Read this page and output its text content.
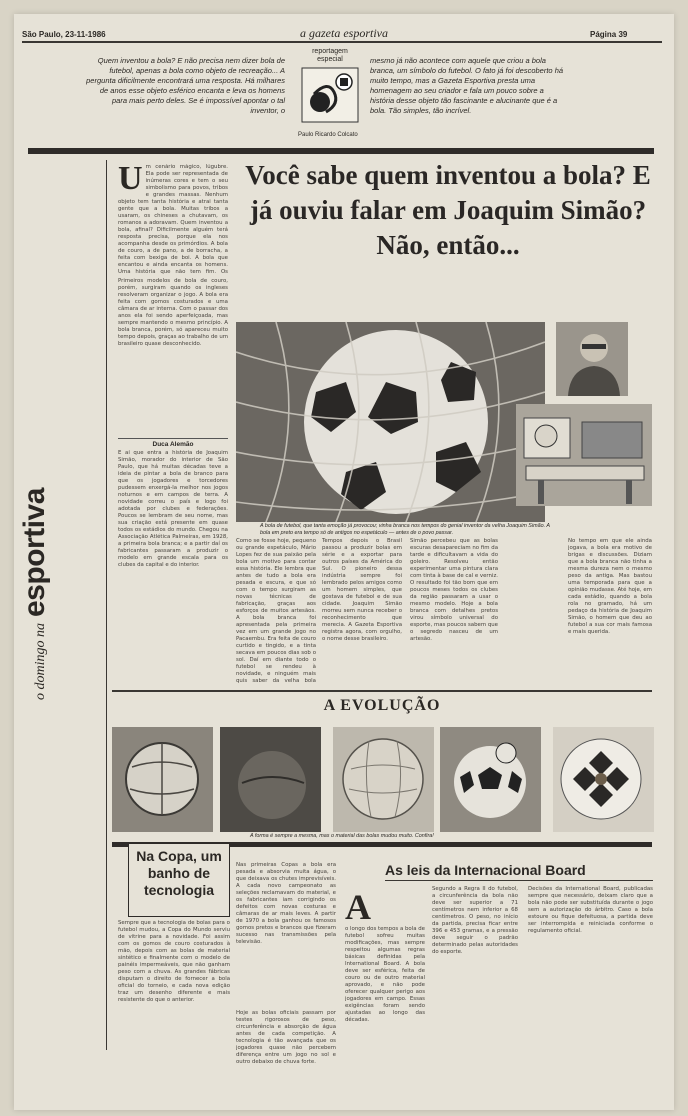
São Paulo, 23-11-1986	a gazeta esportiva	Página 39
Quem inventou a bola? E não precisa nem dizer bola de futebol, apenas a bola como objeto de recreação... A pergunta dificilmente encontrará uma resposta. Há milhares de anos esse objeto esférico encanta e leva os homens para mais perto deles. Se é impossível apontar o tal inventor, o
reportagem especial
Paulo Ricardo Colcato
mesmo já não acontece com aquele que criou a bola branca, um símbolo do futebol. O fato já foi descoberto há muito tempo, mas a Gazeta Esportiva presta uma homenagem ao seu criador e fala um pouco sobre a história desse objeto tão fascinante e alucinante que é a bola. Tão simples, tão incrível.
o domingo na
esportiva
U m cenário mágico, lúgubre. Ela pode ser representada de inúmeras cores e tem o seu simbolismo para povos, tribos e grandes massas. Nenhum objeto tem tanta história e atrai tanta gente que a bola. Muitas tribos a usaram, os chineses a chutavam, os romanos a adoravam. Quem inventou a bola, afinal? Dificilmente alguém terá resposta precisa, porque ela nos acompanha desde os primórdios. A bola de couro, a de pano, a de borracha, a feita com bexiga de boi. A bola que encantou e ainda encanta os homens. Uma história que não tem fim. Os
Primeiros modelos de bola de couro, porém, surgiram quando os ingleses resolveram organizar o jogo. A bola era feita com gomos costurados e uma câmara de ar interna. Com o passar dos anos ela foi sendo aperfeiçoada, mas sempre mantendo o mesmo princípio. A bola branca, porém, só apareceu muito tempo depois, graças ao trabalho de um brasileiro quase desconhecido.
Duca Alemão
É aí que entra a história de Joaquim Simão, morador do interior de São Paulo, que há muitas décadas teve a ideia de pintar a bola de branco para que os jogadores e torcedores pudessem enxergá-la melhor nos jogos noturnos e em campos de terra. A novidade correu o país e logo foi adotada por clubes e federações. Poucos se lembram de seu nome, mas sua criação está presente em quase todos os estádios do mundo. Chegou na Associação Atlética Palmeiras, em 1928, a primeira bola branca; e a partir daí os fabricantes passaram a produzir o modelo em grande escala para os clubes da capital e do interior.
Você sabe quem inventou a bola? E já ouviu falar em Joaquim Simão? Não, então...
A bola de futebol, que tanta emoção já provocou; vinha branca nos tempos do genial inventor da velha Joaquim Simão. A bola em preto era tempo só de antigos no espetáculo — antes de o povo passar.
Como se fosse hoje, pequeno ou grande espetáculo, Mário Lopes fez de sua paixão pela bola um motivo para contar essa história. Ele lembra que antes de tudo a bola era pesada e escura, e que só com o tempo surgiram as novas técnicas de fabricação, graças aos esforços de muitos artesãos. A bola branca foi apresentada pela primeira vez em um grande jogo no Pacaembu. Era feita de couro curtido e tingido, e a tinta secava em poucos dias sob o sol. Daí em diante todo o futebol se rendeu à novidade, e ninguém mais quis saber da velha bola
Tempos depois o Brasil passou a produzir bolas em série e a exportar para outros países da América do Sul. O pioneiro dessa indústria sempre foi lembrado pelos amigos como um homem simples, que gostava de futebol e de sua cidade. Joaquim Simão morreu sem nunca receber o reconhecimento que merecia. A Gazeta Esportiva registra agora, com orgulho, o nome desse brasileiro.
Simão percebeu que as bolas escuras desapareciam no fim da tarde e dificultavam a vida do goleiro. Resolveu então experimentar uma pintura clara com tinta à base de cal e verniz. O resultado foi tão bom que em poucos meses todos os clubes da região passaram a usar o mesmo modelo. Hoje a bola branca com detalhes pretos virou símbolo universal do esporte, mas poucos sabem que o segredo nasceu de um artesão.
No tempo em que ele ainda jogava, a bola era motivo de brigas e discussões. Diziam que a bola branca não tinha a mesma dureza nem o mesmo peso da antiga. Mas bastou uma temporada para que a opinião mudasse. Até hoje, em cada estádio, quando a bola rola no gramado, há um pedaço da história de Joaquim Simão, o homem que deu ao futebol a sua cor mais famosa e mais querida.
A EVOLUÇÃO
A forma é sempre a mesma, mas o material das bolas mudou muito. Confira!
Na Copa, um banho de tecnologia
Sempre que a tecnologia de bolas para o futebol mudou, a Copa do Mundo serviu de vitrine para a novidade. Foi assim com os gomos de couro costurados à mão, depois com as bolas de material sintético e finalmente com o modelo de painéis impermeáveis, que não ganham peso com a chuva. As grandes fábricas disputam o direito de fornecer a bola oficial do torneio, e cada nova edição traz um desenho diferente e mais resistente do que o anterior.
Nas primeiras Copas a bola era pesada e absorvia muita água, o que deixava os chutes imprevisíveis. A cada novo campeonato as seleções reclamavam do material, e os fabricantes iam corrigindo os defeitos com novas costuras e câmaras de ar mais leves. A partir de 1970 a bola ganhou os famosos gomos pretos e brancos que fizeram sucesso nas transmissões pela televisão.
Hoje as bolas oficiais passam por testes rigorosos de peso, circunferência e absorção de água antes de cada competição. A tecnologia é tão avançada que os jogadores quase não percebem diferença entre um jogo no sol e outro debaixo de chuva forte.
A
As leis da Internacional Board
o longo dos tempos a bola de futebol sofreu muitas modificações, mas sempre respeitou algumas regras básicas definidas pela International Board. A bola deve ser esférica, feita de couro ou de outro material aprovado, e não pode oferecer qualquer perigo aos jogadores em campo. Essas exigências foram sendo ajustadas ao longo das décadas.
Segundo a Regra II do futebol, a circunferência da bola não deve ser superior a 71 centímetros nem inferior a 68 centímetros. O peso, no início da partida, precisa ficar entre 396 e 453 gramas, e a pressão deve seguir o padrão determinado pelas autoridades do esporte.
Decisões da International Board, publicadas sempre que necessário, deixam claro que a bola não pode ser substituída durante o jogo sem a autorização do árbitro. Caso a bola estoure ou fique defeituosa, a partida deve ser interrompida e reiniciada conforme o regulamento oficial.
